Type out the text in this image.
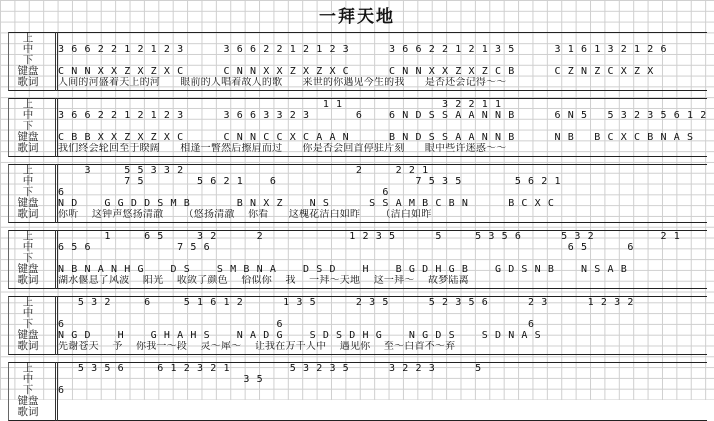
一拜天地
上
中
下
键盘
歌词
3 6 6 2 2 1 2 1 2 3      3 6 6 2 2 1 2 1 2 3      3 6 6 2 2 1 2 1 3 5      3 1 6 1 3 2 1 2 6
C N N X X Z X Z X C      C N N X X Z X Z X C      C N N X X Z X Z C B      C Z N Z C X Z X
人间的河盛着天上的河      眼前的人唱着故人的歌      来世的你遇见今生的我      是否还会记得～～
上
中
下
键盘
歌词
1 1               3 2 2 1 1
3 6 6 2 2 1 2 1 2 3      3 6 6 3 3 2 3       6    6 N D S S A A N N B      6 N 5   5 3 2 3 5 6 1 2
C B B X X Z X Z X C      C N N C C X C A A N      B N D S S A A N N B      N B   B C X C B N A S
我们终会轮回至于睽阔      相逢一瞥然后擦肩而过      你是否会回首停驻片刻      眼中些许迷惑～～
上
中
下
键盘
歌词
3     5 5 3 3 2                          2     2 2 1
7 5        5 6 2 1    6                     7 5 3 5        5 6 2 1
6                                                6
N D    G G D D S M B       B N X Z    N S      S S A M B C B N      B C X C
你听    这钟声悠扬清澈      （悠扬清澈    你看      这槐花洁白如昨      （洁白如昨
上
中
下
键盘
歌词
1     6 5     3 2      2             1 2 3 5      5     5 3 5 6      5 3 2          2 1
6 5 6             7 5 6                                                      6 5      6
N B N A N H G    D S    S M B N A    D S D    H    B G D H G B    G D S N B    N S A B
湖水偃息了风波    阳光    收敛了颜色    恰似你    我    一拜～天地    这一拜～    故梦陆离
上
中
下
键盘
歌词
5 3 2     6     5 1 6 1 2      1 3 5      2 3 5      5 2 3 5 6      2 3      1 2 3 2
6                                6                                     6
N G D    H    G H A H S    N A D G    S D S D H G    N G D S    S D N A S
先谢苍天    予    你我一～段    灵～犀～    让我在万千人中    遇见你    至～白首不～弃
上
中
下
键盘
歌词
5 3 5 6     6 1 2 3 2 1         5 3 2 3 5      3 2 2 3      5
3 5
6
